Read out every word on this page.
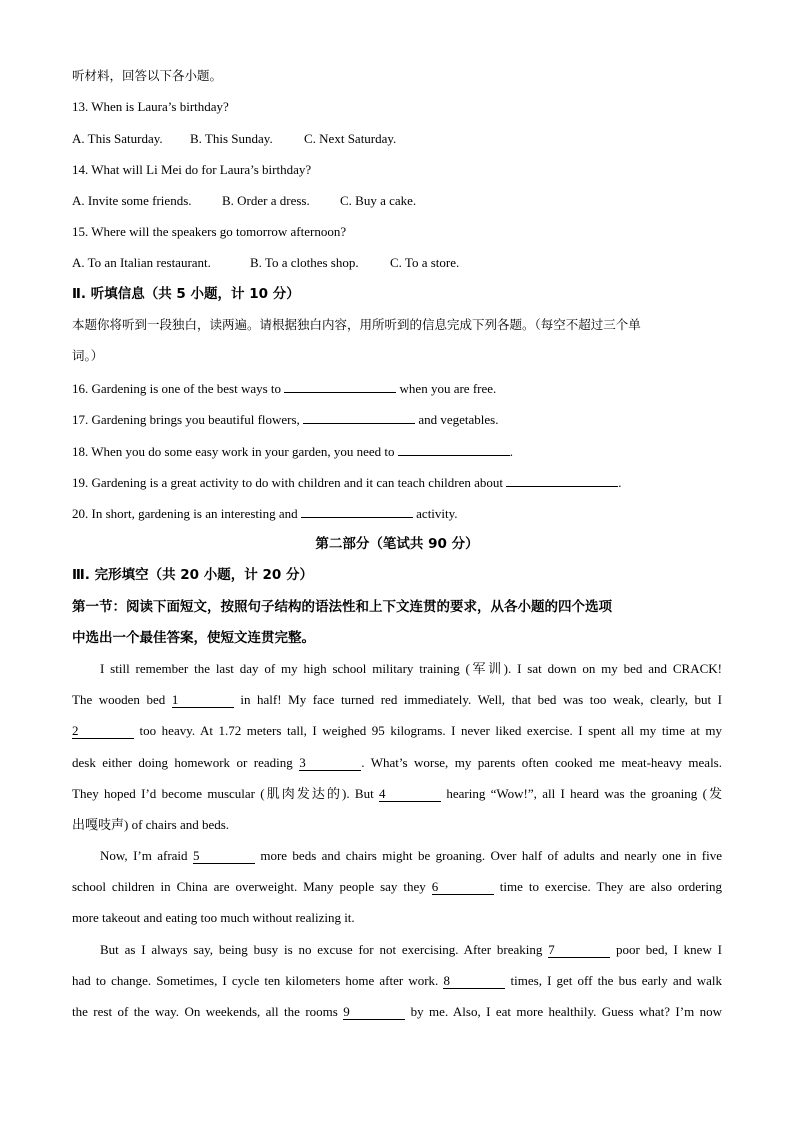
听材料，回答以下各小题。
13. When is Laura’s birthday?
A. This Saturday. B. This Sunday. C. Next Saturday.
14. What will Li Mei do for Laura’s birthday?
A. Invite some friends. B. Order a dress. C. Buy a cake.
15. Where will the speakers go tomorrow afternoon?
A. To an Italian restaurant.	B. To a clothes shop. C. To a store.
Ⅱ. 听填信息（共 5 小题，计 10 分）
本题你将听到一段独白，读两遍。请根据独白内容，用所听到的信息完成下列各题。（每空不超过三个单
词。）
16. Gardening is one of the best ways to	when you are free.
17. Gardening brings you beautiful flowers,	and vegetables.
18. When you do some easy work in your garden, you need to	.
19. Gardening is a great activity to do with children and it can teach children about	.
20. In short, gardening is an interesting and	activity.
第二部分（笔试共 90 分）
Ⅲ. 完形填空（共 20 小题，计 20 分）
第一节：阅读下面短文，按照句子结构的语法性和上下文连贯的要求，从各小题的四个选项
中选出一个最佳答案，使短文连贯完整。
I still remember the last day of my high school military training (军训). I sat down on my bed and CRACK!
The wooden bed 1	in half! My face turned red immediately. Well, that bed was too weak, clearly, but I
2	too heavy. At 1.72 meters tall, I weighed 95 kilograms. I never liked exercise. I spent all my time at my
desk either doing homework or reading 3	. What’s worse, my parents often cooked me meat-heavy meals.
They hoped I’d become muscular (肌肉发达的). But 4	hearing “Wow!”, all I heard was the groaning (发
出嘎吱声) of chairs and beds.
Now, I’m afraid 5	more beds and chairs might be groaning. Over half of adults and nearly one in five
school children in China are overweight. Many people say they 6	time to exercise. They are also ordering
more takeout and eating too much without realizing it.
But as I always say, being busy is no excuse for not exercising. After breaking 7	poor bed, I knew I
had to change. Sometimes, I cycle ten kilometers home after work. 8	times, I get off the bus early and walk
the rest of the way. On weekends, all the rooms 9	by me. Also, I eat more healthily. Guess what? I’m now
